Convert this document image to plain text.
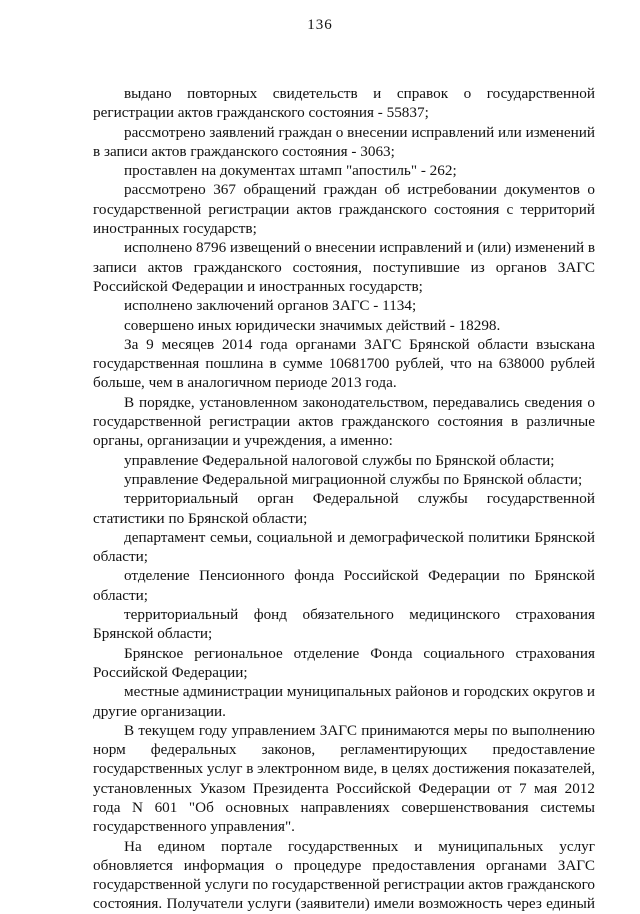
136
выдано повторных свидетельств и справок о государственной
регистрации актов гражданского состояния - 55837;
рассмотрено заявлений граждан о внесении исправлений или изменений
в записи актов гражданского состояния - 3063;
проставлен на документах штамп "апостиль" - 262;
рассмотрено 367 обращений граждан об истребовании документов о
государственной регистрации актов гражданского состояния с территорий
иностранных государств;
исполнено 8796 извещений о внесении исправлений и (или) изменений в
записи актов гражданского состояния, поступившие из органов ЗАГС
Российской Федерации и иностранных государств;
исполнено заключений органов ЗАГС - 1134;
совершено иных юридически значимых действий - 18298.
За 9 месяцев 2014 года органами ЗАГС Брянской области взыскана
государственная пошлина в сумме 10681700 рублей, что на 638000 рублей
больше, чем в аналогичном периоде 2013 года.
В порядке, установленном законодательством, передавались сведения о
государственной регистрации актов гражданского состояния в различные
органы, организации и учреждения, а именно:
управление Федеральной налоговой службы по Брянской области;
управление Федеральной миграционной службы по Брянской области;
территориальный орган Федеральной службы государственной
статистики по Брянской области;
департамент семьи, социальной и демографической политики Брянской
области;
отделение Пенсионного фонда Российской Федерации по Брянской
области;
территориальный фонд обязательного медицинского страхования
Брянской области;
Брянское региональное отделение Фонда социального страхования
Российской Федерации;
местные администрации муниципальных районов и городских округов и
другие организации.
В текущем году управлением ЗАГС принимаются меры по выполнению
норм федеральных законов, регламентирующих предоставление
государственных услуг в электронном виде, в целях достижения показателей,
установленных Указом Президента Российской Федерации от 7 мая 2012
года N 601 "Об основных направлениях совершенствования системы
государственного управления".
На едином портале государственных и муниципальных услуг
обновляется информация о процедуре предоставления органами ЗАГС
государственной услуги по государственной регистрации актов гражданского
состояния. Получатели услуги (заявители) имели возможность через единый
